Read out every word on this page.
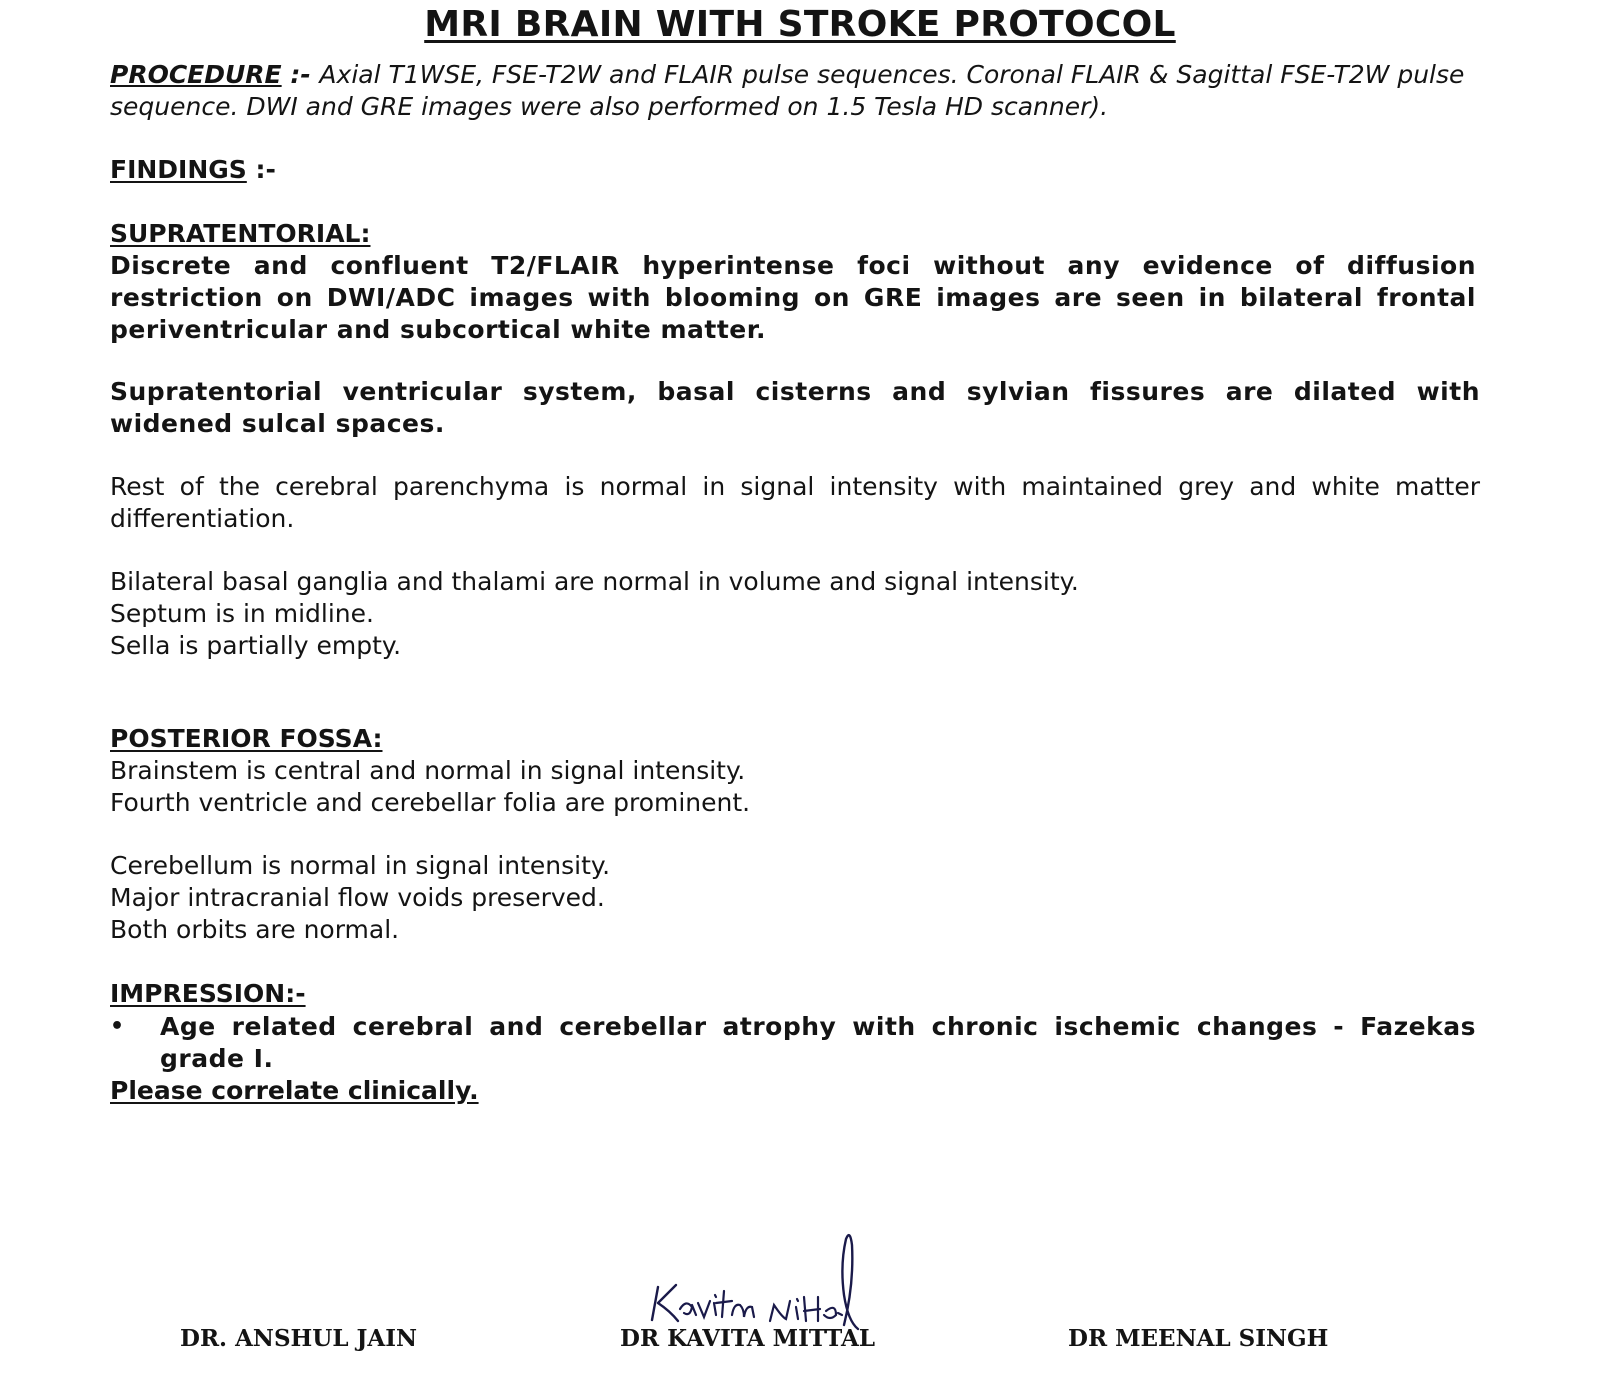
MRI BRAIN WITH STROKE PROTOCOL
PROCEDURE :- Axial T1WSE, FSE-T2W and FLAIR pulse sequences. Coronal FLAIR & Sagittal FSE-T2W pulse sequence. DWI and GRE images were also performed on 1.5 Tesla HD scanner).
FINDINGS :-
SUPRATENTORIAL:
Discrete and confluent T2/FLAIR hyperintense foci without any evidence of diffusion restriction on DWI/ADC images with blooming on GRE images are seen in bilateral frontal periventricular and subcortical white matter.
Supratentorial ventricular system, basal cisterns and sylvian fissures are dilated with widened sulcal spaces.
Rest of the cerebral parenchyma is normal in signal intensity with maintained grey and white matter differentiation.
Bilateral basal ganglia and thalami are normal in volume and signal intensity.
Septum is in midline.
Sella is partially empty.
POSTERIOR FOSSA:
Brainstem is central and normal in signal intensity.
Fourth ventricle and cerebellar folia are prominent.
Cerebellum is normal in signal intensity.
Major intracranial flow voids preserved.
Both orbits are normal.
IMPRESSION:-
• Age related cerebral and cerebellar atrophy with chronic ischemic changes - Fazekas grade I.
Please correlate clinically.
DR. ANSHUL JAIN	DR KAVITA MITTAL	DR MEENAL SINGH
